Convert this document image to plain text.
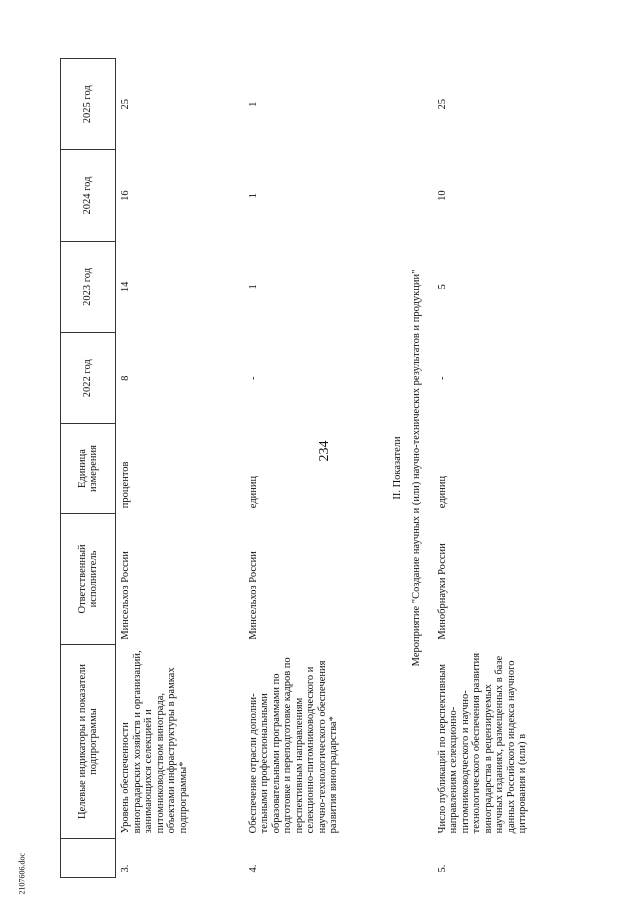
234
2107606.doc
	Целевые индикаторы и показатели подпрограммы	Ответственный исполнитель	Единица измерения	2022 год	2023 год	2024 год	2025 год
3.	Уровень обеспеченности виноградарских хозяйств и организаций, занимающихся селекцией и питомниководством винограда, объектами инфраструктуры в рамках подпрограммы*	Минсельхоз России	процентов	8	14	16	25
4.	Обеспечение отрасли дополни- тельными профессиональными образовательными программами по подготовке и переподготовке кадров по перспективным направлениям селекционно-питомниководческого и научно-технологического обеспечения развития виноградарства*	Минсельхоз России	единиц	-	1	1	1
II. Показатели							
Мероприятие "Создание научных и (или) научно-технических результатов и продукции"							
5.	Число публикаций по перспективным направлениям селекционно-питомниководческого и научно-технологического обеспечения развития виноградарства в рецензируемых научных изданиях, размещенных в базе данных Российского индекса научного цитирования и (или) в	Минобрнауки России	единиц	-	5	10	25
